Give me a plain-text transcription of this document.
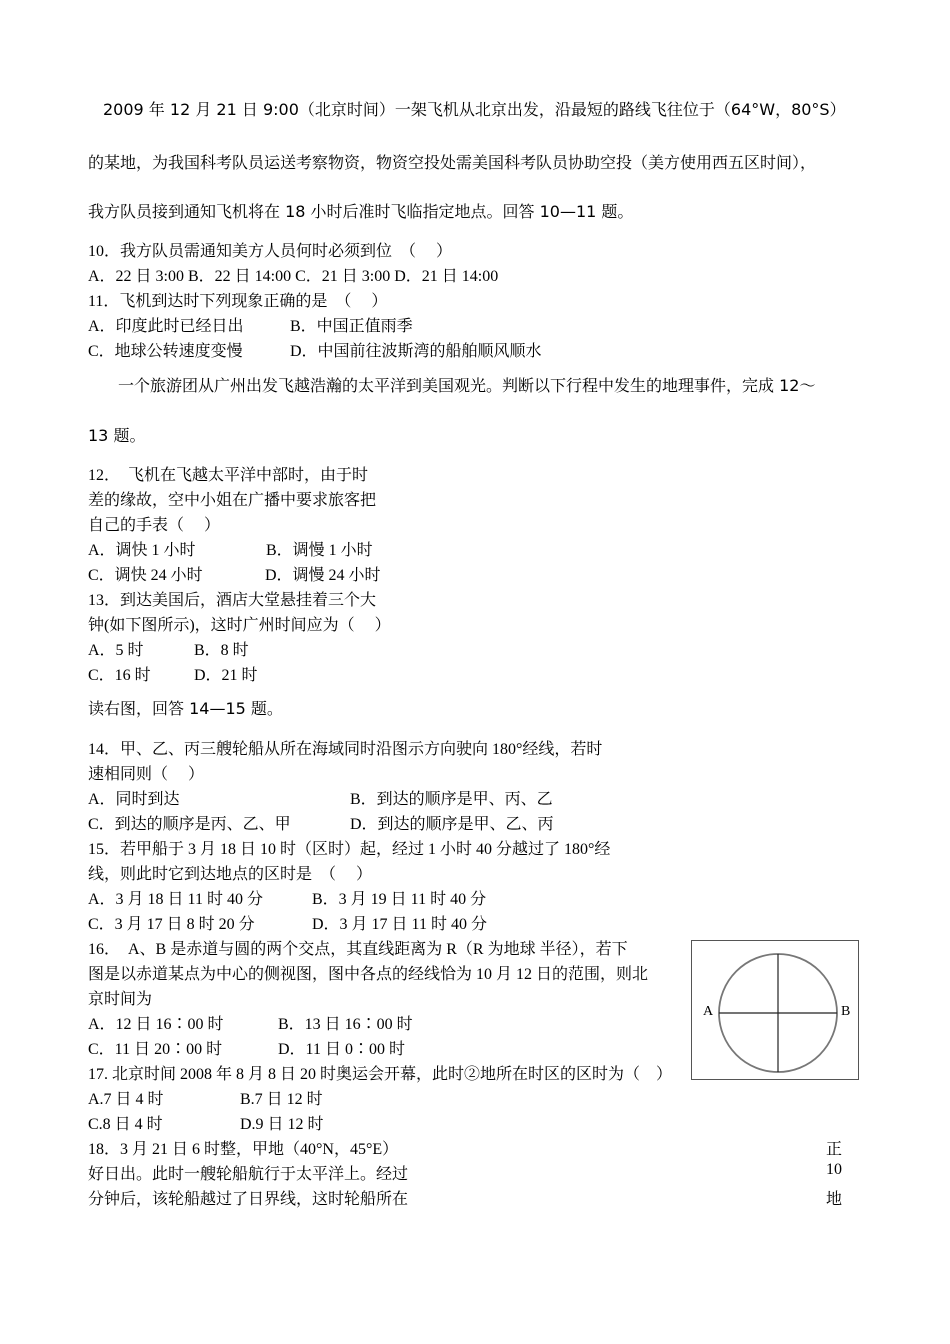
2009 年 12 月 21 日 9:00（北京时间）一架飞机从北京出发，沿最短的路线飞往位于（64°W，80°S）
的某地，为我国科考队员运送考察物资，物资空投处需美国科考队员协助空投（美方使用西五区时间），
我方队员接到通知飞机将在 18 小时后准时飞临指定地点。回答 10—11 题。
10．我方队员需通知美方人员何时必须到位　（　 ）
A．22 日 3:00 B．22 日 14:00 C．21 日 3:00 D．21 日 14:00
11．飞机到达时下列现象正确的是　（　 ）
A．印度此时已经日出	B．中国正值雨季
C．地球公转速度变慢	D．中国前往波斯湾的船舶顺风顺水
一个旅游团从广州出发飞越浩瀚的太平洋到美国观光。判断以下行程中发生的地理事件，完成 12～
13 题。
12．　飞机在飞越太平洋中部时，由于时
差的缘故，空中小姐在广播中要求旅客把
自己的手表（　 ）
A．调快 1 小时	B．调慢 1 小时
C．调快 24 小时	D．调慢 24 小时
13．到达美国后，酒店大堂悬挂着三个大
钟(如下图所示)，这时广州时间应为（　 ）
A．5 时	B．8 时
C．16 时	D．21 时
读右图，回答 14—15 题。
14．甲、乙、丙三艘轮船从所在海域同时沿图示方向驶向 180°经线，若时
速相同则（　 ）
A．同时到达	B．到达的顺序是甲、丙、乙
C．到达的顺序是丙、乙、甲	D．到达的顺序是甲、乙、丙
15．若甲船于 3 月 18 日 10 时（区时）起，经过 1 小时 40 分越过了 180°经
线，则此时它到达地点的区时是　（　 ）
A．3 月 18 日 11 时 40 分	B．3 月 19 日 11 时 40 分
C．3 月 17 日 8 时 20 分	D．3 月 17 日 11 时 40 分
16．　A、B 是赤道与圆的两个交点，其直线距离为 R（R 为地球 半径），若下
图是以赤道某点为中心的侧视图，图中各点的经线恰为 10 月 12 日的范围，则北
京时间为
A．12 日 16∶00 时	B．13 日 16∶00 时
C．11 日 20∶00 时	D．11 日 0∶00 时
A	B
17. 北京时间 2008 年 8 月 8 日 20 时奥运会开幕，此时②地所在时区的区时为（　）
A.7 日 4 时	B.7 日 12 时
C.8 日 4 时	D.9 日 12 时
18．3 月 21 日 6 时整，甲地（40°N，45°E）	正
好日出。此时一艘轮船航行于太平洋上。经过	10
分钟后，该轮船越过了日界线，这时轮船所在	地
